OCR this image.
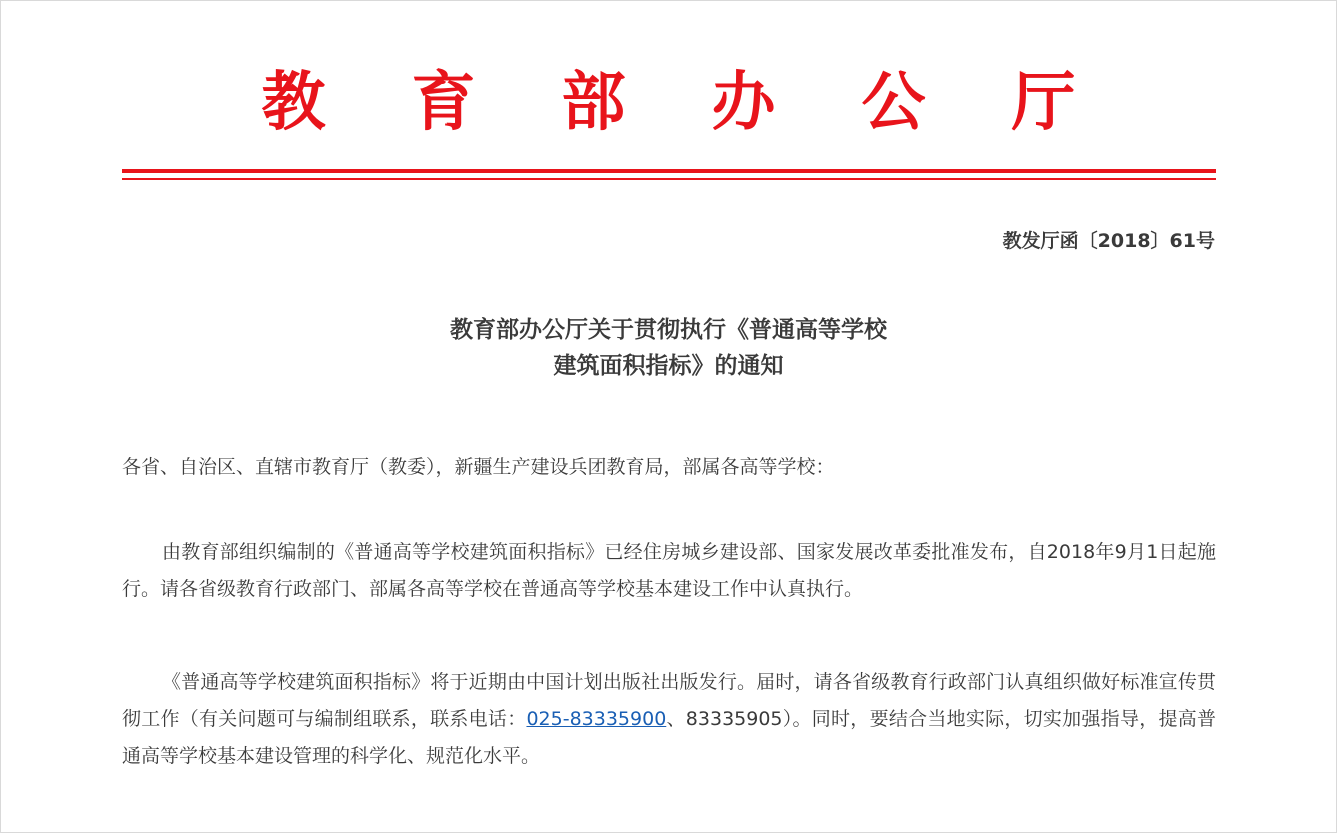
教 育 部 办 公 厅
教发厅函〔2018〕61号
教育部办公厅关于贯彻执行《普通高等学校
建筑面积指标》的通知
各省、自治区、直辖市教育厅（教委），新疆生产建设兵团教育局，部属各高等学校：

由教育部组织编制的《普通高等学校建筑面积指标》已经住房城乡建设部、国家发展改革委批准发布，自2018年9月1日起施行。请各省级教育行政部门、部属各高等学校在普通高等学校基本建设工作中认真执行。

《普通高等学校建筑面积指标》将于近期由中国计划出版社出版发行。届时，请各省级教育行政部门认真组织做好标准宣传贯彻工作（有关问题可与编制组联系，联系电话：025-83335900、83335905）。同时，要结合当地实际，切实加强指导，提高普通高等学校基本建设管理的科学化、规范化水平。
